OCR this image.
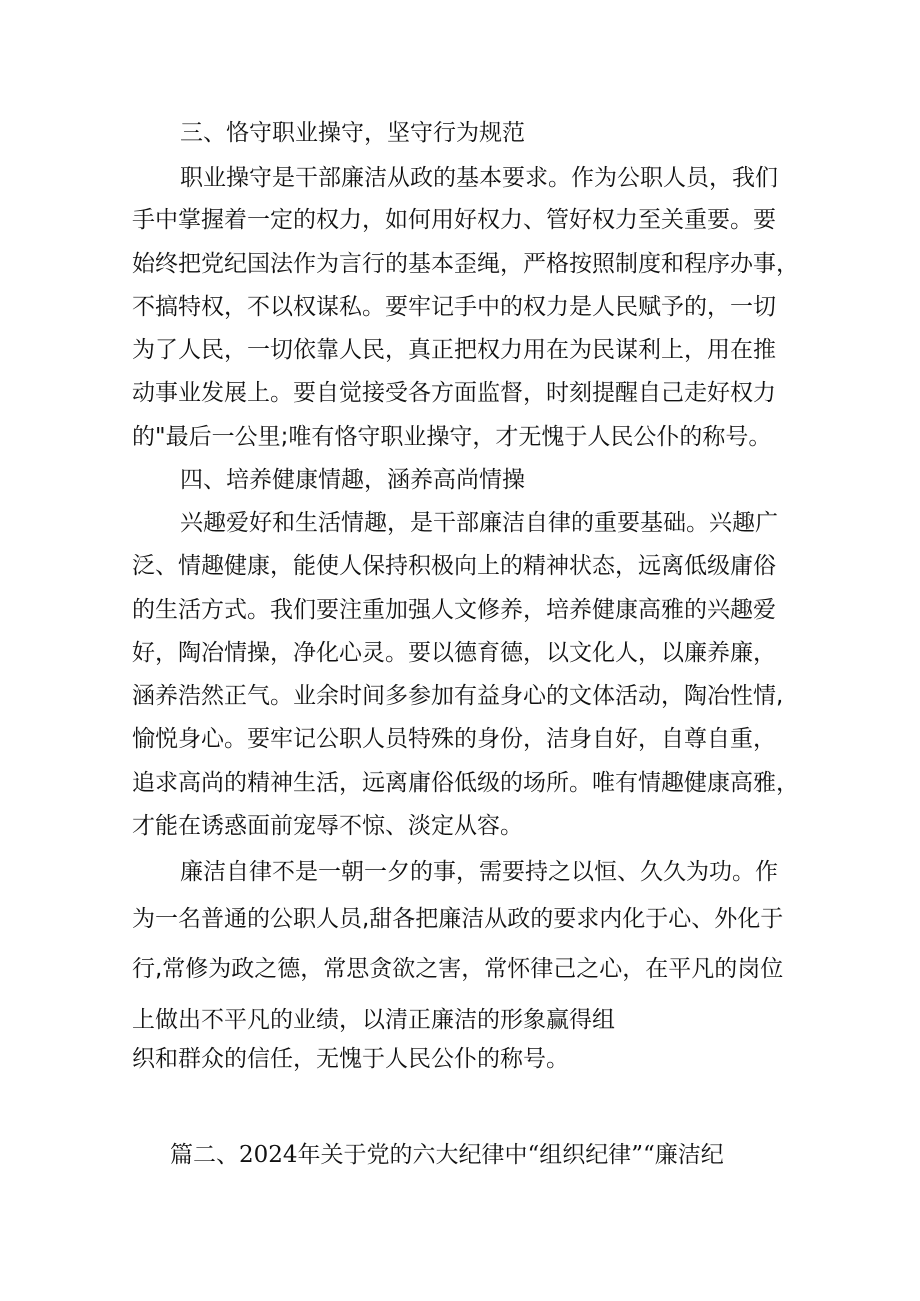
三、恪守职业操守，坚守行为规范
职业操守是干部廉洁从政的基本要求。作为公职人员，我们
手中掌握着一定的权力，如何用好权力、管好权力至关重要。要
始终把党纪国法作为言行的基本歪绳，严格按照制度和程序办事，
不搞特权，不以权谋私。要牢记手中的权力是人民赋予的，一切
为了人民，一切依靠人民，真正把权力用在为民谋利上，用在推
动事业发展上。要自觉接受各方面监督，时刻提醒自己走好权力
的"最后一公里;唯有恪守职业操守，才无愧于人民公仆的称号。
四、培养健康情趣，涵养高尚情操
兴趣爱好和生活情趣，是干部廉洁自律的重要基础。兴趣广
泛、情趣健康，能使人保持积极向上的精神状态，远离低级庸俗
的生活方式。我们要注重加强人文修养，培养健康高雅的兴趣爱
好，陶冶情操，净化心灵。要以德育德，以文化人，以廉养廉，
涵养浩然正气。业余时间多参加有益身心的文体活动，陶冶性情,
愉悦身心。要牢记公职人员特殊的身份，洁身自好，自尊自重，
追求高尚的精神生活，远离庸俗低级的场所。唯有情趣健康高雅，
才能在诱惑面前宠辱不惊、淡定从容。
廉洁自律不是一朝一夕的事，需要持之以恒、久久为功。作
为一名普通的公职人员,甜各把廉洁从政的要求内化于心、外化于
行,常修为政之德，常思贪欲之害，常怀律己之心，在平凡的岗位
上做出不平凡的业绩，以清正廉洁的形象赢得组
织和群众的信任，无愧于人民公仆的称号。
篇二、2024年关于党的六大纪律中“组织纪律”“廉洁纪
